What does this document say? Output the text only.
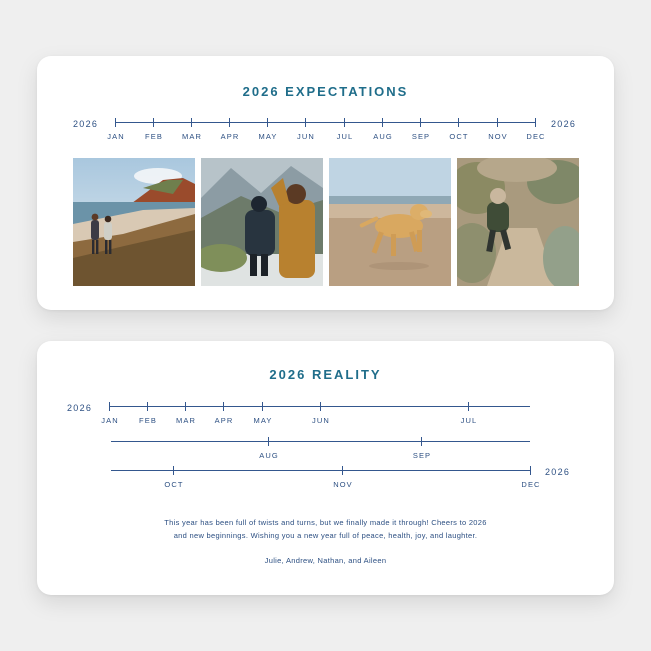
2026 EXPECTATIONS
2026	2026
JAN	FEB	MAR APR	MAY	JUN	JUL	AUG	SEP	OCT	NOV DEC
2026 REALITY
2026
JAN	FEB	MAR APR	MAY	JUN	JUL
AUG	SEP
2026
OCT	NOV	DEC
This year has been full of twists and turns, but we finally made it through! Cheers to 2026
and new beginnings. Wishing you a new year full of peace, health, joy, and laughter.
Julie, Andrew, Nathan, and Aileen
